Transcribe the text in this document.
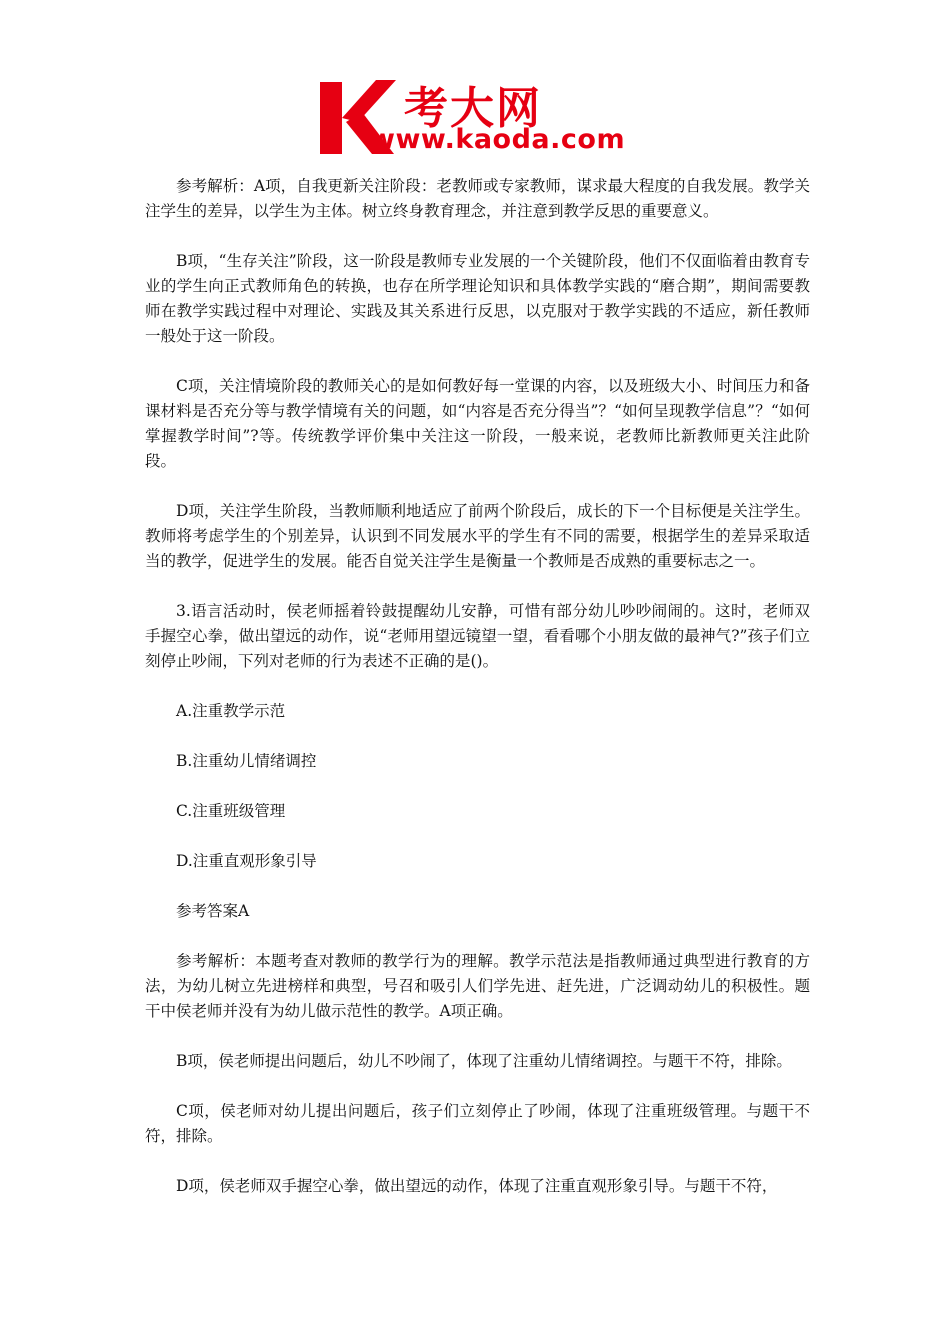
考大网
www.kaoda.com

参考解析：A项，自我更新关注阶段：老教师或专家教师，谋求最大程度的自我发展。教学关注学生的差异，以学生为主体。树立终身教育理念，并注意到教学反思的重要意义。

B项，“生存关注”阶段，这一阶段是教师专业发展的一个关键阶段，他们不仅面临着由教育专业的学生向正式教师角色的转换，也存在所学理论知识和具体教学实践的“磨合期”，期间需要教师在教学实践过程中对理论、实践及其关系进行反思，以克服对于教学实践的不适应，新任教师一般处于这一阶段。

C项，关注情境阶段的教师关心的是如何教好每一堂课的内容，以及班级大小、时间压力和备课材料是否充分等与教学情境有关的问题，如“内容是否充分得当”？“如何呈现教学信息”？“如何掌握教学时间”?等。传统教学评价集中关注这一阶段，一般来说，老教师比新教师更关注此阶段。

D项，关注学生阶段，当教师顺利地适应了前两个阶段后，成长的下一个目标便是关注学生。教师将考虑学生的个别差异，认识到不同发展水平的学生有不同的需要，根据学生的差异采取适当的教学，促进学生的发展。能否自觉关注学生是衡量一个教师是否成熟的重要标志之一。

3.语言活动时，侯老师摇着铃鼓提醒幼儿安静，可惜有部分幼儿吵吵闹闹的。这时，老师双手握空心拳，做出望远的动作，说“老师用望远镜望一望，看看哪个小朋友做的最神气?”孩子们立刻停止吵闹，下列对老师的行为表述不正确的是()。

A.注重教学示范

B.注重幼儿情绪调控

C.注重班级管理

D.注重直观形象引导

参考答案A

参考解析：本题考查对教师的教学行为的理解。教学示范法是指教师通过典型进行教育的方法，为幼儿树立先进榜样和典型，号召和吸引人们学先进、赶先进，广泛调动幼儿的积极性。题干中侯老师并没有为幼儿做示范性的教学。A项正确。

B项，侯老师提出问题后，幼儿不吵闹了，体现了注重幼儿情绪调控。与题干不符，排除。

C项，侯老师对幼儿提出问题后，孩子们立刻停止了吵闹，体现了注重班级管理。与题干不符，排除。

D项，侯老师双手握空心拳，做出望远的动作，体现了注重直观形象引导。与题干不符，
